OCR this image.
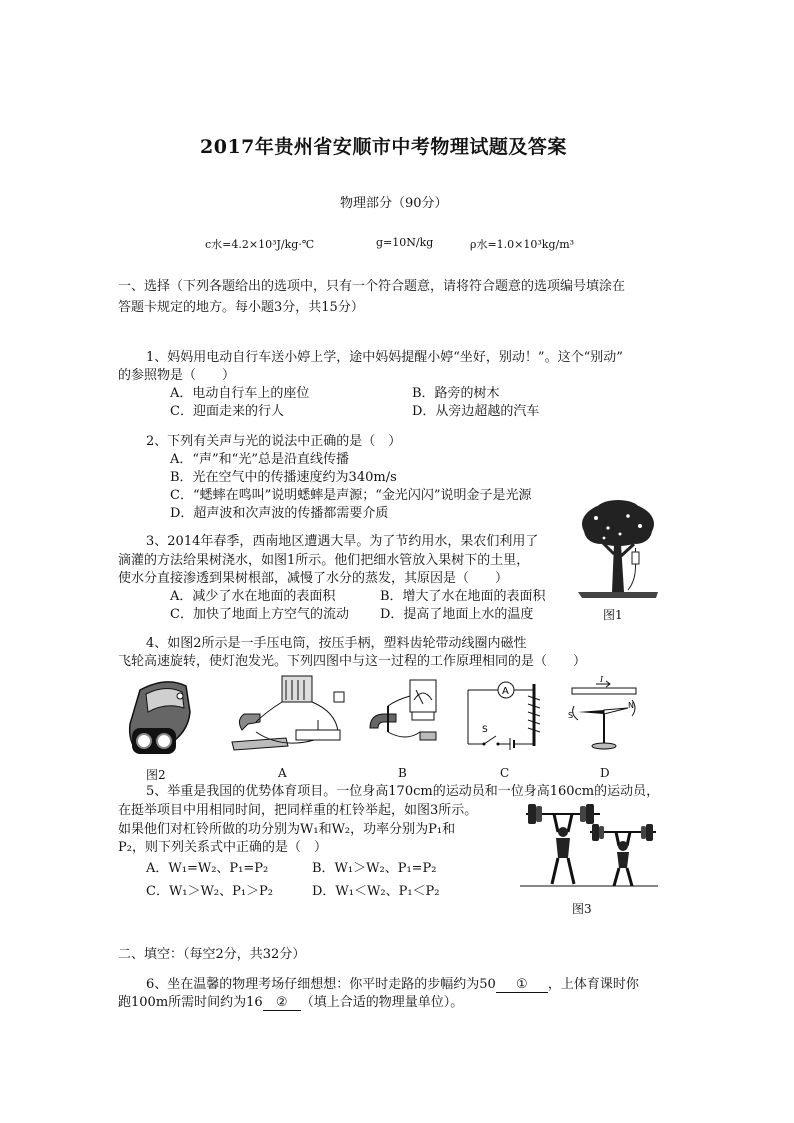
2017年贵州省安顺市中考物理试题及答案
物理部分（90分）
c水=4.2×10³J/kg·℃	g=10N/kg	ρ水=1.0×10³kg/m³
一、选择（下列各题给出的选项中，只有一个符合题意，请将符合题意的选项编号填涂在
答题卡规定的地方。每小题3分，共15分）
1、妈妈用电动自行车送小婷上学，途中妈妈提醒小婷“坐好，别动！”。这个“别动”
的参照物是（　　）
A．电动自行车上的座位	B．路旁的树木
C．迎面走来的行人	D．从旁边超越的汽车
2、下列有关声与光的说法中正确的是（　）
A．“声”和“光”总是沿直线传播
B．光在空气中的传播速度约为340m/s
C．“蟋蟀在鸣叫”说明蟋蟀是声源；“金光闪闪”说明金子是光源
D．超声波和次声波的传播都需要介质
3、2014年春季，西南地区遭遇大旱。为了节约用水，果农们利用了
滴灌的方法给果树浇水，如图1所示。他们把细水管放入果树下的土里，
使水分直接渗透到果树根部，减慢了水分的蒸发，其原因是（　　）
A．减少了水在地面的表面积	B．增大了水在地面的表面积
C．加快了地面上方空气的流动 D．提高了地面上水的温度	图1
4、如图2所示是一手压电筒，按压手柄，塑料齿轮带动线圈内磁性
飞轮高速旋转，使灯泡发光。下列四图中与这一过程的工作原理相同的是（　　）
A
S
I
S
N
图2	A	B	C	D
5、举重是我国的优势体育项目。一位身高170cm的运动员和一位身高160cm的运动员，
在挺举项目中用相同时间，把同样重的杠铃举起，如图3所示。
如果他们对杠铃所做的功分别为W₁和W₂，功率分别为P₁和
P₂，则下列关系式中正确的是（　）
A．W₁=W₂、P₁=P₂	B．W₁＞W₂、P₁=P₂
C．W₁＞W₂、P₁＞P₂	D．W₁＜W₂、P₁＜P₂
图3
二、填空：（每空2分，共32分）
6、坐在温馨的物理考场仔细想想：你平时走路的步幅约为50 ① ，上体育课时你
跑100m所需时间约为16 ② （填上合适的物理量单位）。
